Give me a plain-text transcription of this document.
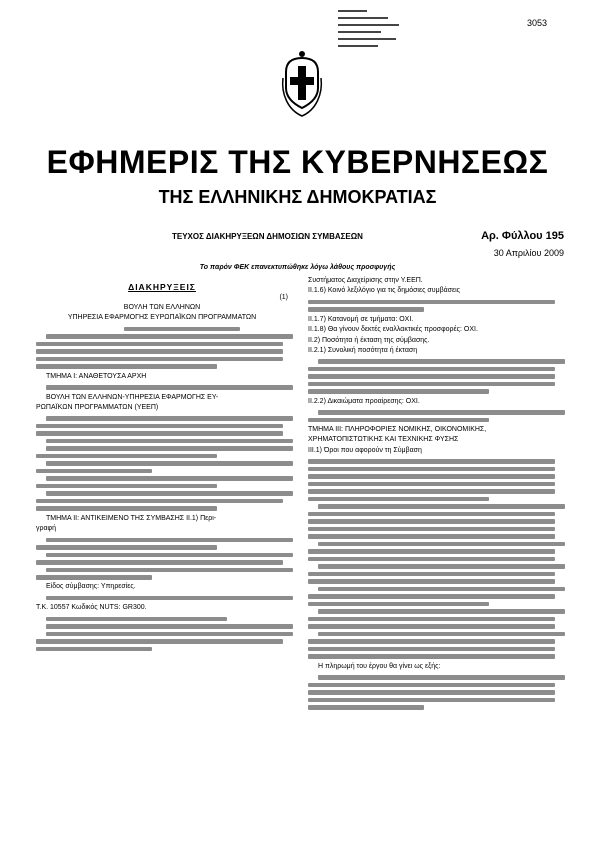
3053
ΕΦΗΜΕΡΙΣ ΤΗΣ ΚΥΒΕΡΝΗΣΕΩΣ
ΤΗΣ ΕΛΛΗΝΙΚΗΣ ΔΗΜΟΚΡΑΤΙΑΣ
ΤΕΥΧΟΣ ΔΙΑΚΗΡΥΞΕΩΝ ΔΗΜΟΣΙΩΝ ΣΥΜΒΑΣΕΩΝ	Αρ. Φύλλου 195
30 Απριλίου 2009
Το παρόν ΦΕΚ επανεκτυπώθηκε λόγω λάθους προσφυγής
ΔΙΑΚΗΡΥΞΕΙΣ
(1)
ΒΟΥΛΗ ΤΩΝ ΕΛΛΗΝΩΝ
ΥΠΗΡΕΣΙΑ ΕΦΑΡΜΟΓΗΣ ΕΥΡΩΠΑΪΚΩΝ ΠΡΟΓΡΑΜΜΑΤΩΝ
ΤΜΗΜΑ Ι: ΑΝΑΘΕΤΟΥΣΑ ΑΡΧΗ
ΒΟΥΛΗ ΤΩΝ ΕΛΛΗΝΩΝ-ΥΠΗΡΕΣΙΑ ΕΦΑΡΜΟΓΗΣ ΕΥ-
ΡΩΠΑΪΚΩΝ ΠΡΟΓΡΑΜΜΑΤΩΝ (ΥΕΕΠ)
ΤΜΗΜΑ ΙΙ: ΑΝΤΙΚΕΙΜΕΝΟ ΤΗΣ ΣΥΜΒΑΣΗΣ ΙΙ.1) Περι-
γραφή
Είδος σύμβασης: Υπηρεσίες.
Τ.Κ. 10557 Κωδικός NUTS: GR300.
Συστήματος Διαχείρισης στην Υ.ΕΕΠ.
ΙΙ.1.6) Κοινό λεξιλόγιο για τις δημόσιες συμβάσεις
ΙΙ.1.7) Κατανομή σε τμήματα: ΟΧΙ.
ΙΙ.1.8) Θα γίνουν δεκτές εναλλακτικές προσφορές: ΟΧΙ.
ΙΙ.2) Ποσότητα ή έκταση της σύμβασης.
ΙΙ.2.1) Συνολική ποσότητα ή έκταση
ΙΙ.2.2) Δικαιώματα προαίρεσης: ΟΧΙ.
ΤΜΗΜΑ ΙΙΙ: ΠΛΗΡΟΦΟΡΙΕΣ ΝΟΜΙΚΗΣ, ΟΙΚΟΝΟΜΙΚΗΣ,
ΧΡΗΜΑΤΟΠΙΣΤΩΤΙΚΗΣ ΚΑΙ ΤΕΧΝΙΚΗΣ ΦΥΣΗΣ
ΙΙΙ.1) Όροι που αφορούν τη Σύμβαση
Η πληρωμή του έργου θα γίνει ως εξής:
